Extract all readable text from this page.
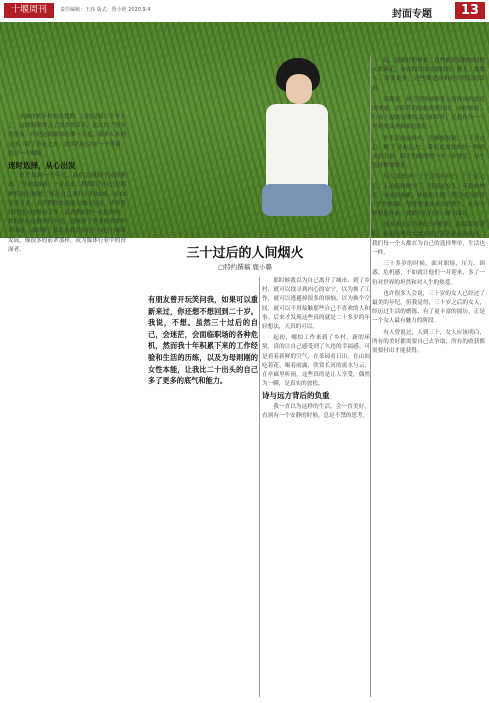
十堰周刊	责任编辑：王玮 版式：鲁小艳 2020.9.4	封面专题	13
三十过后的人间烟火
□特约撰稿 鹿小璐

从城市到乡村的喜忧路，已经是第三个年头了。这期间我体会了很多的苦乐，也认识了很多的朋友。自是远离都市的那一天起，很多人来到这里，除了游玩之外，更多的是寻求一个答案，找寻一个解释。

迷时选择，从心出发

似乎每到一个年纪，我们会遇到不同的迷惑，不同的困惑。一直以来，我都以为自己是那种特别有规划、知道自己要什么的姑娘。从18岁选专业、大学期间来挑选大城市发展，毕业选择到进入电视台工作，记者都是按一直的坚持，其间经历过很多的辛劳，也收获了很多的荣誉和表扬感。那时候，我以为我会在这个岗位上继续发展，像很多的前辈那样，成为媒体行业中的资深者。

有朋友曾开玩笑问我，如果可以重新来过，你还想不想回到二十岁。我说，不想。虽然三十过后的自己，会迷茫，会面临职场的各种危机，然而我十年积累下来的工作经验和生活的历练，以及为母则刚的女性本能，让我比二十出头的自己多了更多的底气和能力。

那时候我以为自己离开了城市，到了乡村，就可以找寻到内心的安宁，以为换了工作，就可以逃避掉很多的烦恼，以为换个空间，就可以不用接触那些自己不喜欢的人和事。后来才发现这些真的就是二十多岁的年轻想法，天真的可以。

起初，哪怕工作来到了乡村，新的环境，真的让自己感受到了久违的幸福感。可是看着新鲜的空气，在茶园看日出，在山间吃着花，喝着雨露，欣赏长河的流水与云，在亭廊里听雨，这些真的是让人享受，偶然为一瞬，是真实的放松。

诗与远方背后的负重

我一直以为这样的生活，会一直美好，直到有一个安静的时候，总是不禁的思考。

结，需要好的体验，这些都需要精细的投入来满足。事业的发展需要时间，精力，需要人，需要更多，这些都是诗和远方背后的负重。

回到家，孩子的突闹和家人的咨询的意见的重递，是陪伴的时候需要付出，承担家庭，与孩子提供足够的关注和陪伴，是我作为一个妈妈的义务和家庭责任。

在生活的这样中，也渐渐发现，三十岁过后，除了'诗和远方'，我们更需要的是一种踏实的力量，脚下的路需要一步一步地走，每个选择都要慎重。

有人说相对二十几岁的年纪，三十岁之后，人的选择便少了，特别是女人，年龄的增长，家庭的拖累，体能的下降，都会成为阻碍工作的困难。坚持要继续前行的勇气，在每个新的选择前，就要看清自身，敢于面对。

也有朋友会在聊天中提到，羡慕我的洒脱，我说这些其实都是经过深思熟虑的选择。我们每一个人都在为自己的选择埋单，生活也一样。

三十多岁的时候，面对职场，压力、困惑、危机感，不如就让他们一并迎来，多了一份对世界的坦然和对人生的热爱。

也许很多人会说，三十岁的女人已经过了最美的年纪。但我觉得，三十岁之后的女人，经历过生活的磨练，有了更丰富的阅历，正是一个女人最有魅力的阶段。

有人曾说过，人到三十，女人应该明白，所有的美好都需要自己去争取，所有的收获都需要付出才能获得。
